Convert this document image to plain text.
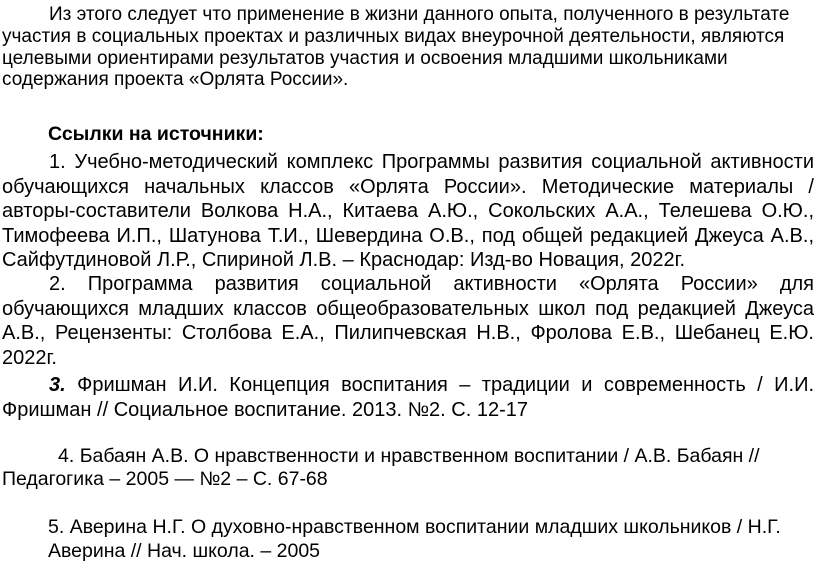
Из этого следует что применение в жизни данного опыта, полученного в результате участия в социальных проектах и различных видах внеурочной деятельности, являются целевыми ориентирами результатов участия и освоения младшими школьниками содержания проекта «Орлята России».

Ссылки на источники:

1. Учебно-методический комплекс Программы развития социальной активности обучающихся начальных классов «Орлята России». Методические материалы / авторы-составители Волкова Н.А., Китаева А.Ю., Сокольских А.А., Телешева О.Ю., Тимофеева И.П., Шатунова Т.И., Шевердина О.В., под общей редакцией Джеуса А.В., Сайфутдиновой Л.Р., Спириной Л.В. – Краснодар: Изд-во Новация, 2022г.

2. Программа развития социальной активности «Орлята России» для обучающихся младших классов общеобразовательных школ под редакцией Джеуса А.В., Рецензенты: Столбова Е.А., Пилипчевская Н.В., Фролова Е.В., Шебанец Е.Ю. 2022г.

3. Фришман И.И. Концепция воспитания – традиции и современность / И.И. Фришман // Социальное воспитание. 2013. №2. С. 12-17

4. Бабаян А.В. О нравственности и нравственном воспитании / А.В. Бабаян // Педагогика – 2005 — №2 – С. 67-68

5. Аверина Н.Г. О духовно-нравственном воспитании младших школьников / Н.Г. Аверина // Нач. школа. – 2005
